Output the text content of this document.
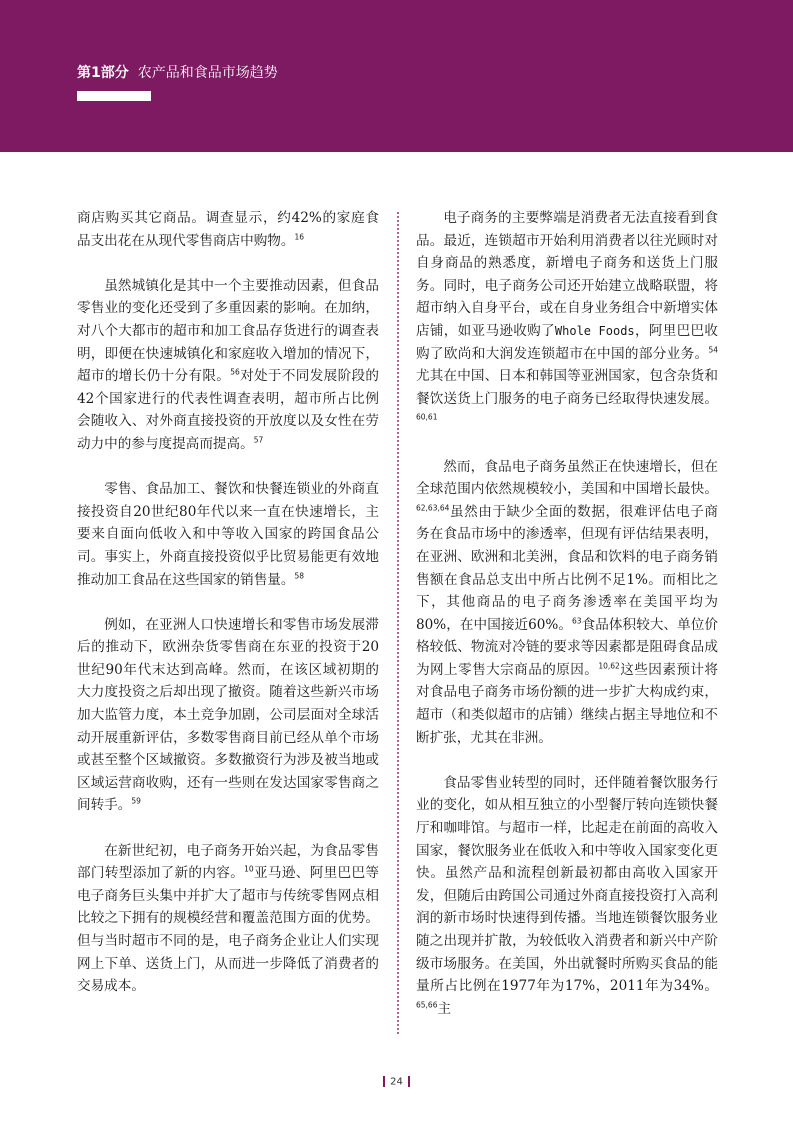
第1部分 农产品和食品市场趋势

商店购买其它商品。调查显示，约42%的家庭食品支出花在从现代零售商店中购物。$^{16}$

虽然城镇化是其中一个主要推动因素，但食品零售业的变化还受到了多重因素的影响。在加纳，对八个大都市的超市和加工食品存货进行的调查表明，即便在快速城镇化和家庭收入增加的情况下，超市的增长仍十分有限。$^{56}$对处于不同发展阶段的42个国家进行的代表性调查表明，超市所占比例会随收入、对外商直接投资的开放度以及女性在劳动力中的参与度提高而提高。$^{57}$

零售、食品加工、餐饮和快餐连锁业的外商直接投资自20世纪80年代以来一直在快速增长，主要来自面向低收入和中等收入国家的跨国食品公司。事实上，外商直接投资似乎比贸易能更有效地推动加工食品在这些国家的销售量。$^{58}$

例如，在亚洲人口快速增长和零售市场发展滞后的推动下，欧洲杂货零售商在东亚的投资于20世纪90年代末达到高峰。然而，在该区域初期的大力度投资之后却出现了撤资。随着这些新兴市场加大监管力度，本土竞争加剧，公司层面对全球活动开展重新评估，多数零售商目前已经从单个市场或甚至整个区域撤资。多数撤资行为涉及被当地或区域运营商收购，还有一些则在发达国家零售商之间转手。$^{59}$

在新世纪初，电子商务开始兴起，为食品零售部门转型添加了新的内容。$^{10}$亚马逊、阿里巴巴等电子商务巨头集中并扩大了超市与传统零售网点相比较之下拥有的规模经营和覆盖范围方面的优势。但与当时超市不同的是，电子商务企业让人们实现网上下单、送货上门，从而进一步降低了消费者的交易成本。

电子商务的主要弊端是消费者无法直接看到食品。最近，连锁超市开始利用消费者以往光顾时对自身商品的熟悉度，新增电子商务和送货上门服务。同时，电子商务公司还开始建立战略联盟，将超市纳入自身平台，或在自身业务组合中新增实体店铺，如亚马逊收购了Whole Foods，阿里巴巴收购了欧尚和大润发连锁超市在中国的部分业务。$^{54}$尤其在中国、日本和韩国等亚洲国家，包含杂货和餐饮送货上门服务的电子商务已经取得快速发展。$^{60,61}$

然而，食品电子商务虽然正在快速增长，但在全球范围内依然规模较小，美国和中国增长最快。$^{62,63,64}$虽然由于缺少全面的数据，很难评估电子商务在食品市场中的渗透率，但现有评估结果表明，在亚洲、欧洲和北美洲，食品和饮料的电子商务销售额在食品总支出中所占比例不足1%。而相比之下，其他商品的电子商务渗透率在美国平均为80%，在中国接近60%。$^{63}$食品体积较大、单位价格较低、物流对冷链的要求等因素都是阻碍食品成为网上零售大宗商品的原因。$^{10,62}$这些因素预计将对食品电子商务市场份额的进一步扩大构成约束，超市（和类似超市的店铺）继续占据主导地位和不断扩张，尤其在非洲。

食品零售业转型的同时，还伴随着餐饮服务行业的变化，如从相互独立的小型餐厅转向连锁快餐厅和咖啡馆。与超市一样，比起走在前面的高收入国家，餐饮服务业在低收入和中等收入国家变化更快。虽然产品和流程创新最初都由高收入国家开发，但随后由跨国公司通过外商直接投资打入高利润的新市场时快速得到传播。当地连锁餐饮服务业随之出现并扩散，为较低收入消费者和新兴中产阶级市场服务。在美国，外出就餐时所购买食品的能量所占比例在1977年为17%，2011年为34%。$^{65,66}$主

24
